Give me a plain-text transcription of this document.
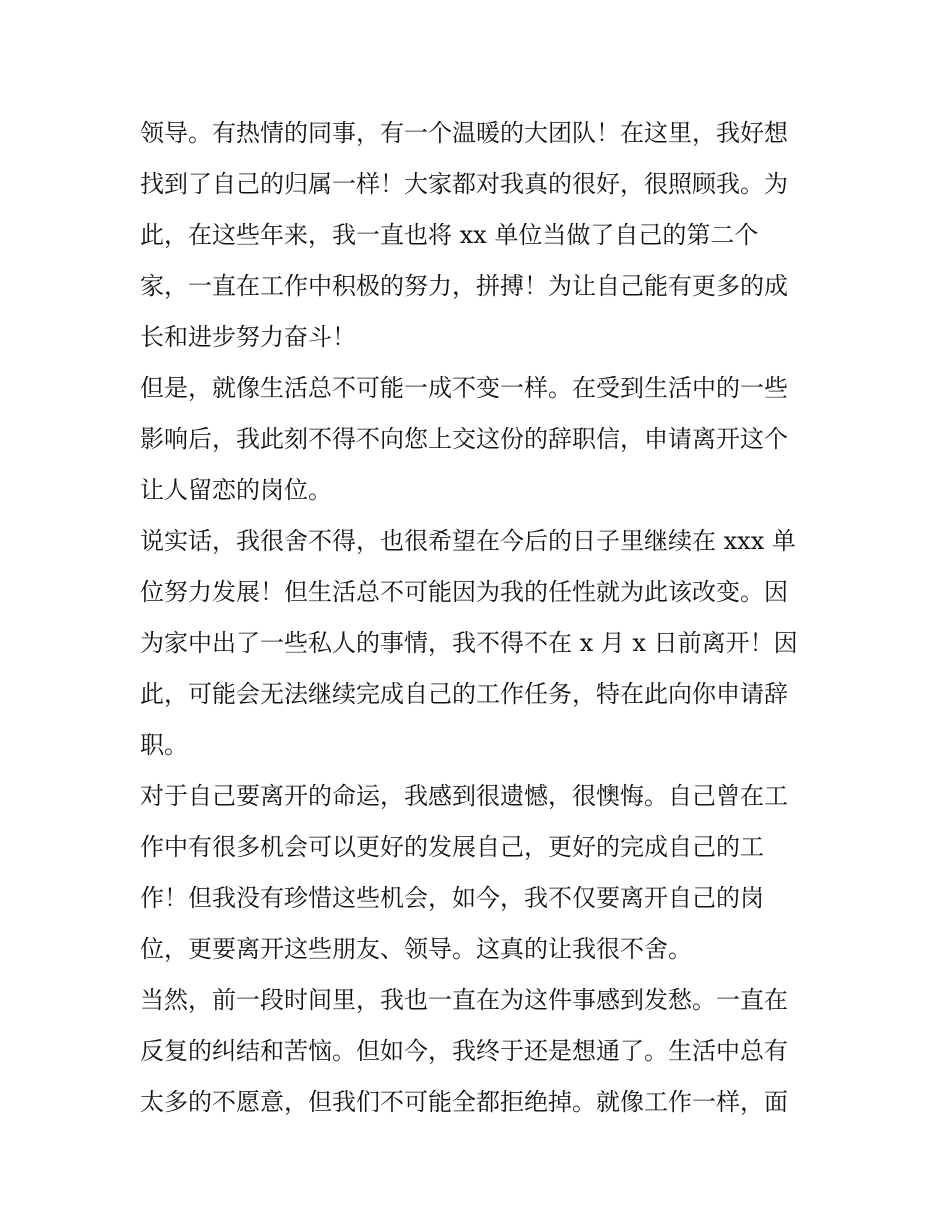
领导。有热情的同事，有一个温暖的大团队！在这里，我好想
找到了自己的归属一样！大家都对我真的很好，很照顾我。为
此，在这些年来，我一直也将 xx 单位当做了自己的第二个
家，一直在工作中积极的努力，拼搏！为让自己能有更多的成
长和进步努力奋斗！
但是，就像生活总不可能一成不变一样。在受到生活中的一些
影响后，我此刻不得不向您上交这份的辞职信，申请离开这个
让人留恋的岗位。
说实话，我很舍不得，也很希望在今后的日子里继续在 xxx 单
位努力发展！但生活总不可能因为我的任性就为此该改变。因
为家中出了一些私人的事情，我不得不在 x 月 x 日前离开！因
此，可能会无法继续完成自己的工作任务，特在此向你申请辞
职。
对于自己要离开的命运，我感到很遗憾，很懊悔。自己曾在工
作中有很多机会可以更好的发展自己，更好的完成自己的工
作！但我没有珍惜这些机会，如今，我不仅要离开自己的岗
位，更要离开这些朋友、领导。这真的让我很不舍。
当然，前一段时间里，我也一直在为这件事感到发愁。一直在
反复的纠结和苦恼。但如今，我终于还是想通了。生活中总有
太多的不愿意，但我们不可能全都拒绝掉。就像工作一样，面
